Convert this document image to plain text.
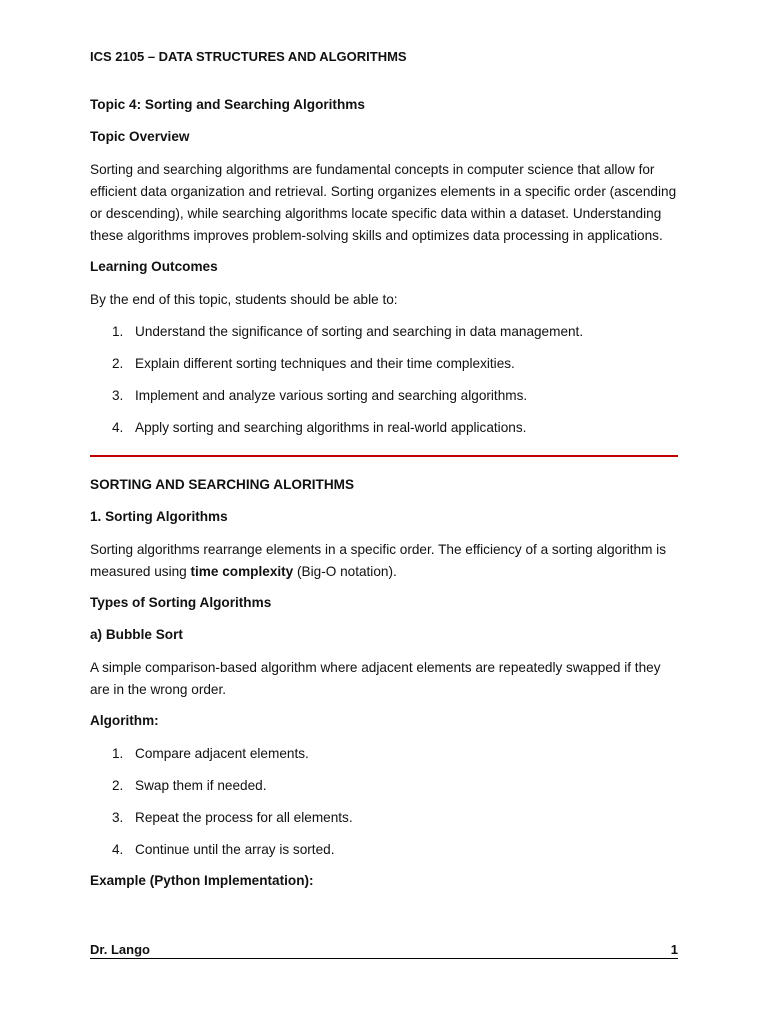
ICS 2105 – DATA STRUCTURES AND ALGORITHMS
Topic 4: Sorting and Searching Algorithms
Topic Overview

Sorting and searching algorithms are fundamental concepts in computer science that allow for efficient data organization and retrieval. Sorting organizes elements in a specific order (ascending or descending), while searching algorithms locate specific data within a dataset. Understanding these algorithms improves problem-solving skills and optimizes data processing in applications.

Learning Outcomes

By the end of this topic, students should be able to:

1. Understand the significance of sorting and searching in data management.
2. Explain different sorting techniques and their time complexities.
3. Implement and analyze various sorting and searching algorithms.
4. Apply sorting and searching algorithms in real-world applications.
SORTING AND SEARCHING ALORITHMS
1. Sorting Algorithms

Sorting algorithms rearrange elements in a specific order. The efficiency of a sorting algorithm is measured using time complexity (Big-O notation).

Types of Sorting Algorithms
a) Bubble Sort

A simple comparison-based algorithm where adjacent elements are repeatedly swapped if they are in the wrong order.

Algorithm:
1. Compare adjacent elements.
2. Swap them if needed.
3. Repeat the process for all elements.
4. Continue until the array is sorted.
Example (Python Implementation):
Dr. Lango	1
